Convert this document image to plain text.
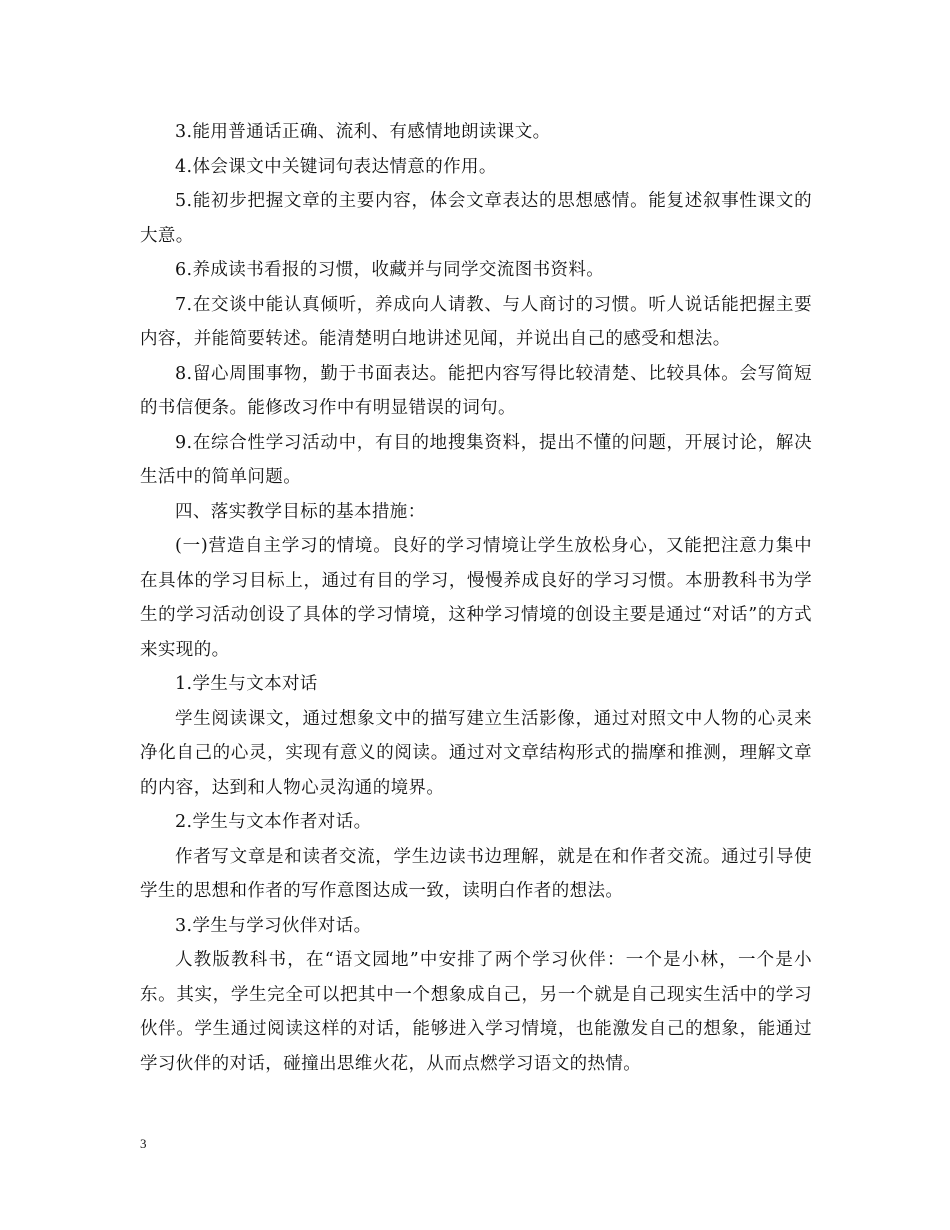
3.能用普通话正确、流利、有感情地朗读课文。

4.体会课文中关键词句表达情意的作用。

5.能初步把握文章的主要内容，体会文章表达的思想感情。能复述叙事性课文的大意。

6.养成读书看报的习惯，收藏并与同学交流图书资料。

7.在交谈中能认真倾听，养成向人请教、与人商讨的习惯。听人说话能把握主要内容，并能简要转述。能清楚明白地讲述见闻，并说出自己的感受和想法。

8.留心周围事物，勤于书面表达。能把内容写得比较清楚、比较具体。会写简短的书信便条。能修改习作中有明显错误的词句。

9.在综合性学习活动中，有目的地搜集资料，提出不懂的问题，开展讨论，解决生活中的简单问题。

四、落实教学目标的基本措施：

(一)营造自主学习的情境。良好的学习情境让学生放松身心，又能把注意力集中在具体的学习目标上，通过有目的学习，慢慢养成良好的学习习惯。本册教科书为学生的学习活动创设了具体的学习情境，这种学习情境的创设主要是通过“对话”的方式来实现的。

1.学生与文本对话

学生阅读课文，通过想象文中的描写建立生活影像，通过对照文中人物的心灵来净化自己的心灵，实现有意义的阅读。通过对文章结构形式的揣摩和推测，理解文章的内容，达到和人物心灵沟通的境界。

2.学生与文本作者对话。

作者写文章是和读者交流，学生边读书边理解，就是在和作者交流。通过引导使学生的思想和作者的写作意图达成一致，读明白作者的想法。

3.学生与学习伙伴对话。

人教版教科书，在“语文园地”中安排了两个学习伙伴：一个是小林，一个是小东。其实，学生完全可以把其中一个想象成自己，另一个就是自己现实生活中的学习伙伴。学生通过阅读这样的对话，能够进入学习情境，也能激发自己的想象，能通过学习伙伴的对话，碰撞出思维火花，从而点燃学习语文的热情。

3
